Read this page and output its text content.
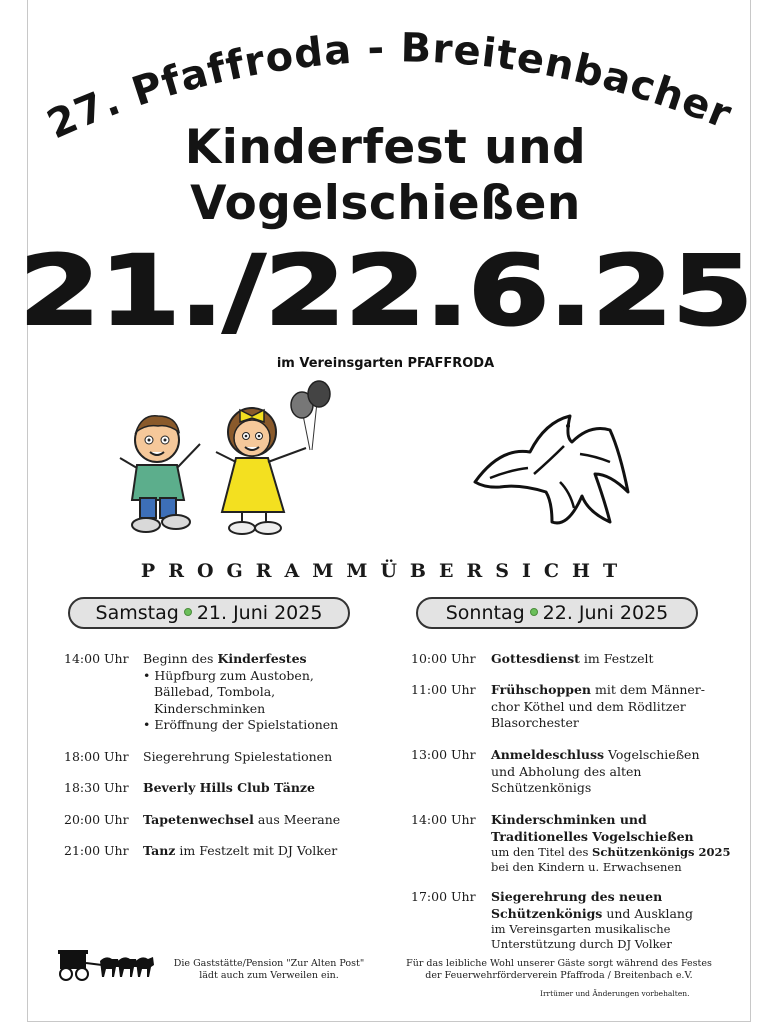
27. Pfaffroda - Breitenbacher
Kinderfest und
Vogelschießen
21./22.6.25
im Vereinsgarten PFAFFRODA
PROGRAMMÜBERSICHT
Samstag 21. Juni 2025	Sonntag 22. Juni 2025
14:00 Uhr Beginn des Kinderfestes
• Hüpfburg zum Austoben,
Bällebad, Tombola,
Kinderschminken
• Eröffnung der Spielstationen
18:00 Uhr Siegerehrung Spielestationen
18:30 Uhr Beverly Hills Club Tänze
20:00 Uhr Tapetenwechsel aus Meerane
21:00 Uhr Tanz im Festzelt mit DJ Volker
10:00 Uhr Gottesdienst im Festzelt
11:00 Uhr Frühschoppen mit dem Männer-
chor Köthel und dem Rödlitzer
Blasorchester
13:00 Uhr Anmeldeschluss Vogelschießen
und Abholung des alten
Schützenkönigs
14:00 Uhr Kinderschminken und
Traditionelles Vogelschießen
um den Titel des Schützenkönigs 2025
bei den Kindern u. Erwachsenen
17:00 Uhr Siegerehrung des neuen
Schützenkönigs und Ausklang
im Vereinsgarten musikalische
Unterstützung durch DJ Volker
Die Gaststätte/Pension "Zur Alten Post"
lädt auch zum Verweilen ein.
Für das leibliche Wohl unserer Gäste sorgt während des Festes
der Feuerwehrförderverein Pfaffroda / Breitenbach e.V.
Irrtümer und Änderungen vorbehalten.
